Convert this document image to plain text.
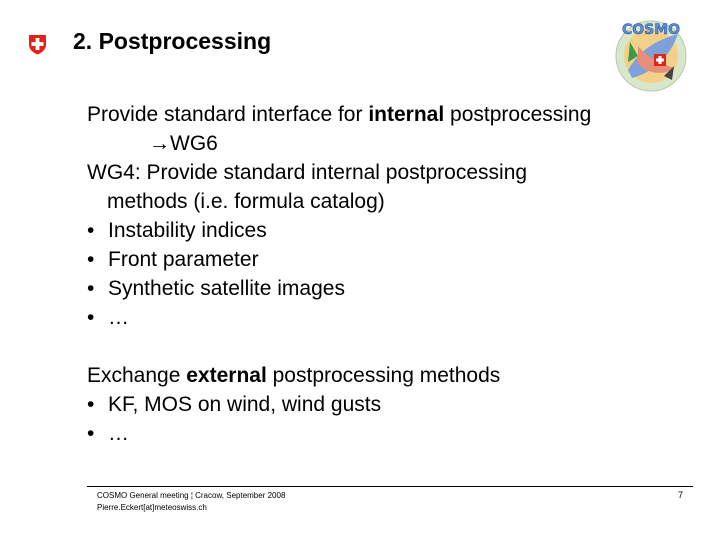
2. Postprocessing	COSMO
Provide standard interface for internal postprocessing
→WG6
WG4: Provide standard internal postprocessing
methods (i.e. formula catalog)
• Instability indices
• Front parameter
• Synthetic satellite images
• …
Exchange external postprocessing methods
• KF, MOS on wind, wind gusts
• …
COSMO General meeting ¦ Cracow, September 2008
Pierre.Eckert[at]meteoswiss.ch
7
